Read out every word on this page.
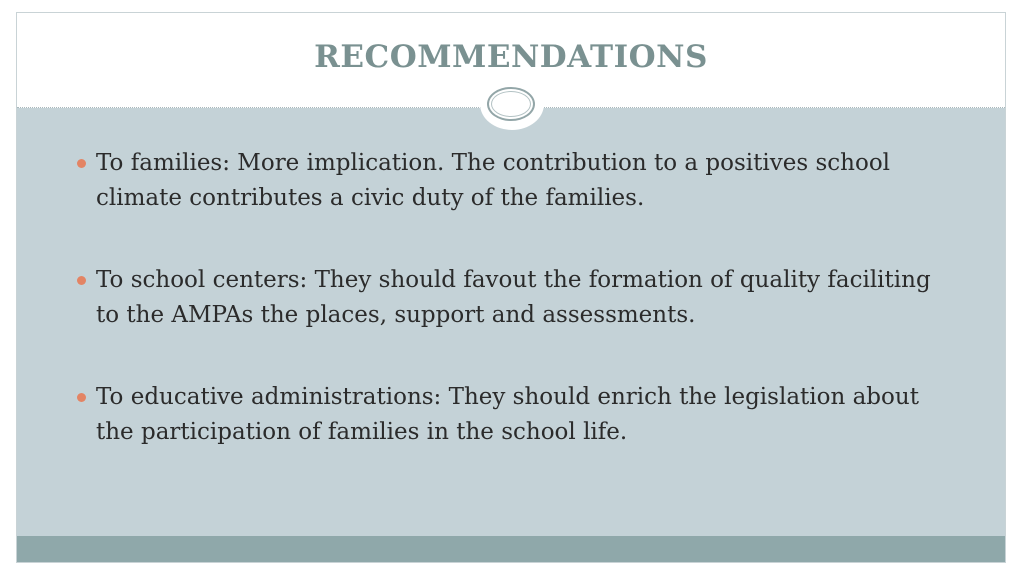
RECOMMENDATIONS
To families: More implication. The contribution to a positives school climate contributes a civic duty of the families.
To school centers: They should favout the formation of quality faciliting to the AMPAs the places, support and assessments.
To educative administrations: They should enrich the legislation about the participation of families in the school life.
